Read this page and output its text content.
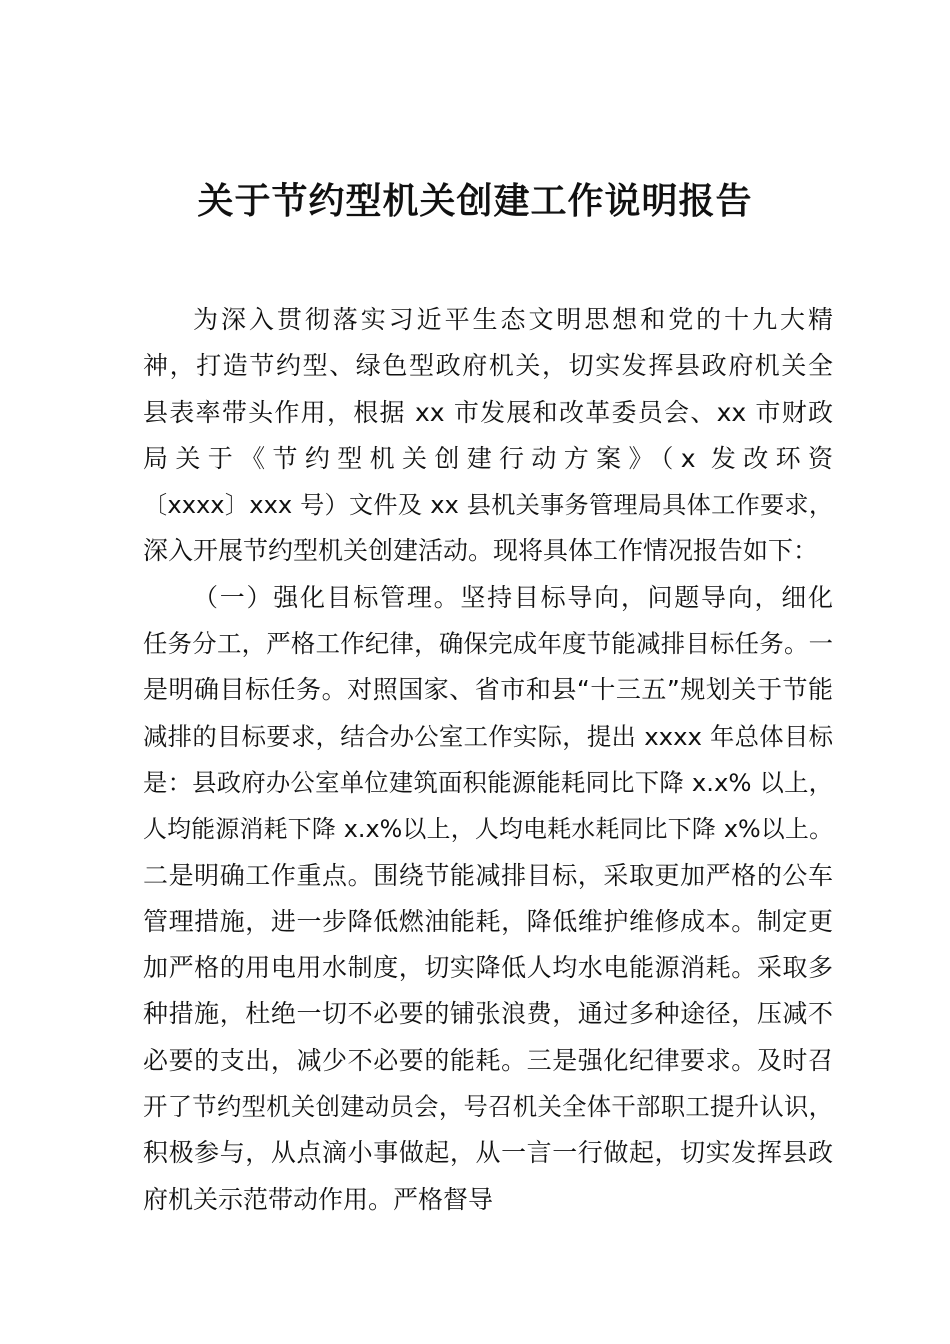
关于节约型机关创建工作说明报告
为深入贯彻落实习近平生态文明思想和党的十九大精
神，打造节约型、绿色型政府机关，切实发挥县政府机关全
县表率带头作用，根据 xx 市发展和改革委员会、xx 市财政
局关于《节约型机关创建行动方案》（x 发改环资
〔xxxx〕xxx 号）文件及 xx 县机关事务管理局具体工作要求，
深入开展节约型机关创建活动。现将具体工作情况报告如下：
（一）强化目标管理。坚持目标导向，问题导向，细化
任务分工，严格工作纪律，确保完成年度节能减排目标任务。一
是明确目标任务。对照国家、省市和县“十三五”规划关于节能
减排的目标要求，结合办公室工作实际，提出 xxxx 年总体目标
是：县政府办公室单位建筑面积能源能耗同比下降 x.x% 以上，
人均能源消耗下降 x.x%以上，人均电耗水耗同比下降 x%以上。
二是明确工作重点。围绕节能减排目标，采取更加严格的公车
管理措施，进一步降低燃油能耗，降低维护维修成本。制定更
加严格的用电用水制度，切实降低人均水电能源消耗。采取多
种措施，杜绝一切不必要的铺张浪费，通过多种途径，压减不
必要的支出，减少不必要的能耗。三是强化纪律要求。及时召
开了节约型机关创建动员会，号召机关全体干部职工提升认识，
积极参与，从点滴小事做起，从一言一行做起，切实发挥县政
府机关示范带动作用。严格督导
